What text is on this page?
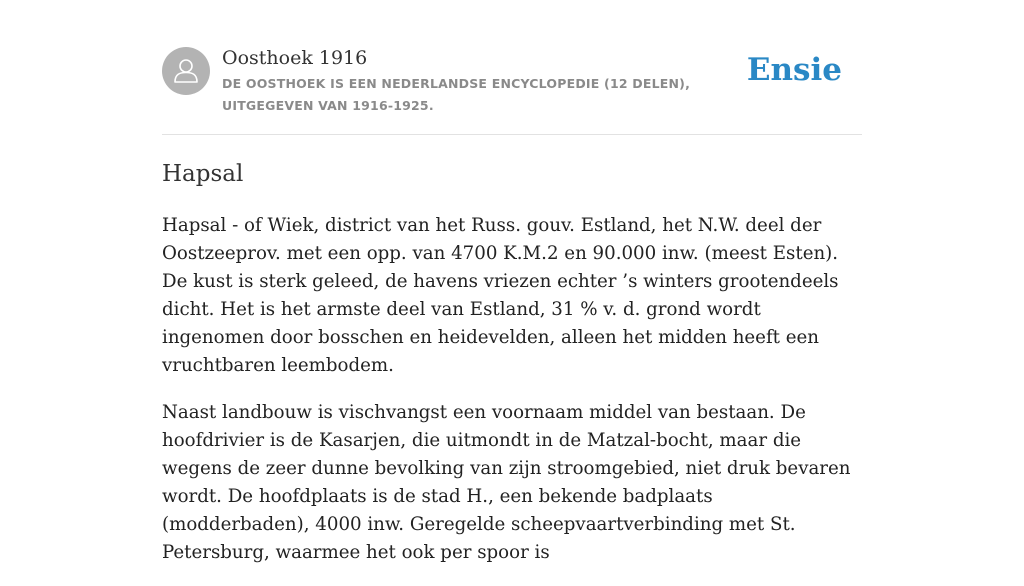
Oosthoek 1916
DE OOSTHOEK IS EEN NEDERLANDSE ENCYCLOPEDIE (12 DELEN), UITGEGEVEN VAN 1916-1925.
Ensie
Hapsal

Hapsal - of Wiek, district van het Russ. gouv. Estland, het N.W. deel der Oostzeeprov. met een opp. van 4700 K.M.2 en 90.000 inw. (meest Esten). De kust is sterk geleed, de havens vriezen echter ’s winters grootendeels dicht. Het is het armste deel van Estland, 31 % v. d. grond wordt ingenomen door bosschen en heidevelden, alleen het midden heeft een vruchtbaren leembodem.

Naast landbouw is vischvangst een voornaam middel van bestaan. De hoofdrivier is de Kasarjen, die uitmondt in de Matzal-bocht, maar die wegens de zeer dunne bevolking van zijn stroomgebied, niet druk bevaren wordt. De hoofdplaats is de stad H., een bekende badplaats (modderbaden), 4000 inw. Geregelde scheepvaartverbinding met St. Petersburg, waarmee het ook per spoor is
